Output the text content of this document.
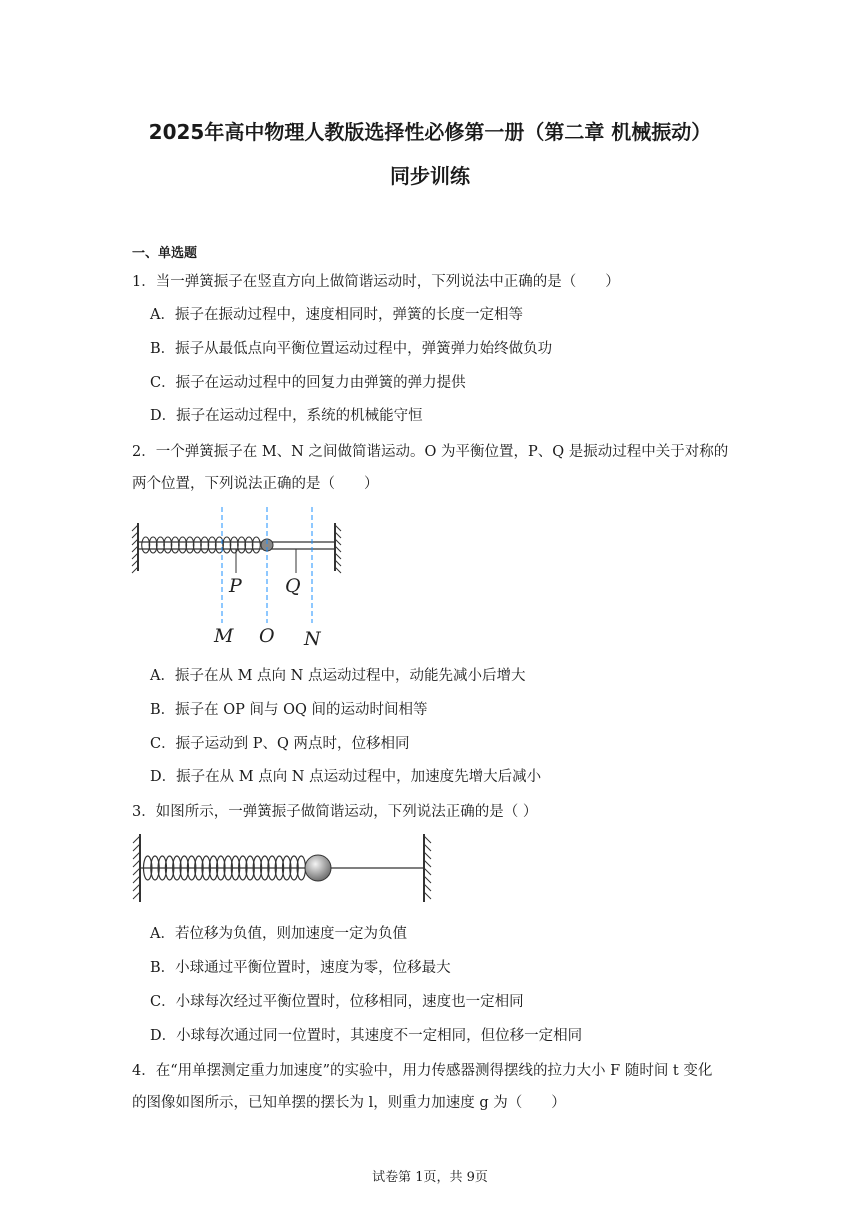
2025年高中物理人教版选择性必修第一册（第二章 机械振动）
同步训练
一、单选题
1．当一弹簧振子在竖直方向上做简谐运动时，下列说法中正确的是（　　）
A．振子在振动过程中，速度相同时，弹簧的长度一定相等
B．振子从最低点向平衡位置运动过程中，弹簧弹力始终做负功
C．振子在运动过程中的回复力由弹簧的弹力提供
D．振子在运动过程中，系统的机械能守恒
2．一个弹簧振子在 M、N 之间做简谐运动。O 为平衡位置，P、Q 是振动过程中关于对称的
两个位置，下列说法正确的是（　　）
P Q
M O N
A．振子在从 M 点向 N 点运动过程中，动能先减小后增大
B．振子在 OP 间与 OQ 间的运动时间相等
C．振子运动到 P、Q 两点时，位移相同
D．振子在从 M 点向 N 点运动过程中，加速度先增大后减小
3．如图所示，一弹簧振子做简谐运动，下列说法正确的是（ ）
A．若位移为负值，则加速度一定为负值
B．小球通过平衡位置时，速度为零，位移最大
C．小球每次经过平衡位置时，位移相同，速度也一定相同
D．小球每次通过同一位置时，其速度不一定相同，但位移一定相同
4．在“用单摆测定重力加速度”的实验中，用力传感器测得摆线的拉力大小 F 随时间 t 变化
的图像如图所示，已知单摆的摆长为 l，则重力加速度 g 为（　　）
试卷第 1页，共 9页
